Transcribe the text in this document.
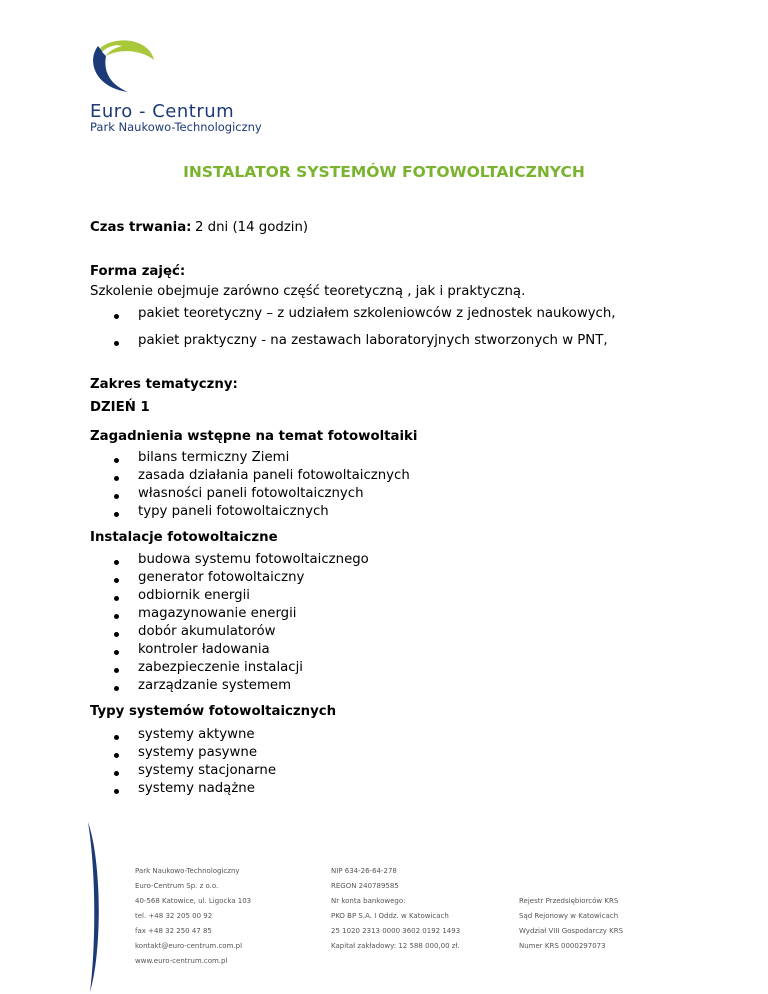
Euro - Centrum
Park Naukowo-Technologiczny
INSTALATOR SYSTEMÓW FOTOWOLTAICZNYCH
Czas trwania: 2 dni (14 godzin)
Forma zajęć:
Szkolenie obejmuje zarówno część teoretyczną , jak i praktyczną.
pakiet teoretyczny – z udziałem szkoleniowców z jednostek naukowych,
pakiet praktyczny - na zestawach laboratoryjnych stworzonych w PNT,
Zakres tematyczny:
DZIEŃ 1
Zagadnienia wstępne na temat fotowoltaiki
bilans termiczny Ziemi
zasada działania paneli fotowoltaicznych
własności paneli fotowoltaicznych
typy paneli fotowoltaicznych
Instalacje fotowoltaiczne
budowa systemu fotowoltaicznego
generator fotowoltaiczny
odbiornik energii
magazynowanie energii
dobór akumulatorów
kontroler ładowania
zabezpieczenie instalacji
zarządzanie systemem
Typy systemów fotowoltaicznych
systemy aktywne
systemy pasywne
systemy stacjonarne
systemy nadążne
Park Naukowo-Technologiczny
Euro-Centrum Sp. z o.o.
40-568 Katowice, ul. Ligocka 103
tel. +48 32 205 00 92
fax +48 32 250 47 85
kontakt@euro-centrum.com.pl
www.euro-centrum.com.pl
NIP 634-26-64-278
REGON 240789585
Nr konta bankowego:
PKO BP S.A. I Oddz. w Katowicach
25 1020 2313 0000 3602 0192 1493
Kapitał zakładowy: 12 588 000,00 zł.
Rejestr Przedsiębiorców KRS
Sąd Rejonowy w Katowicach
Wydział VIII Gospodarczy KRS
Numer KRS 0000297073
